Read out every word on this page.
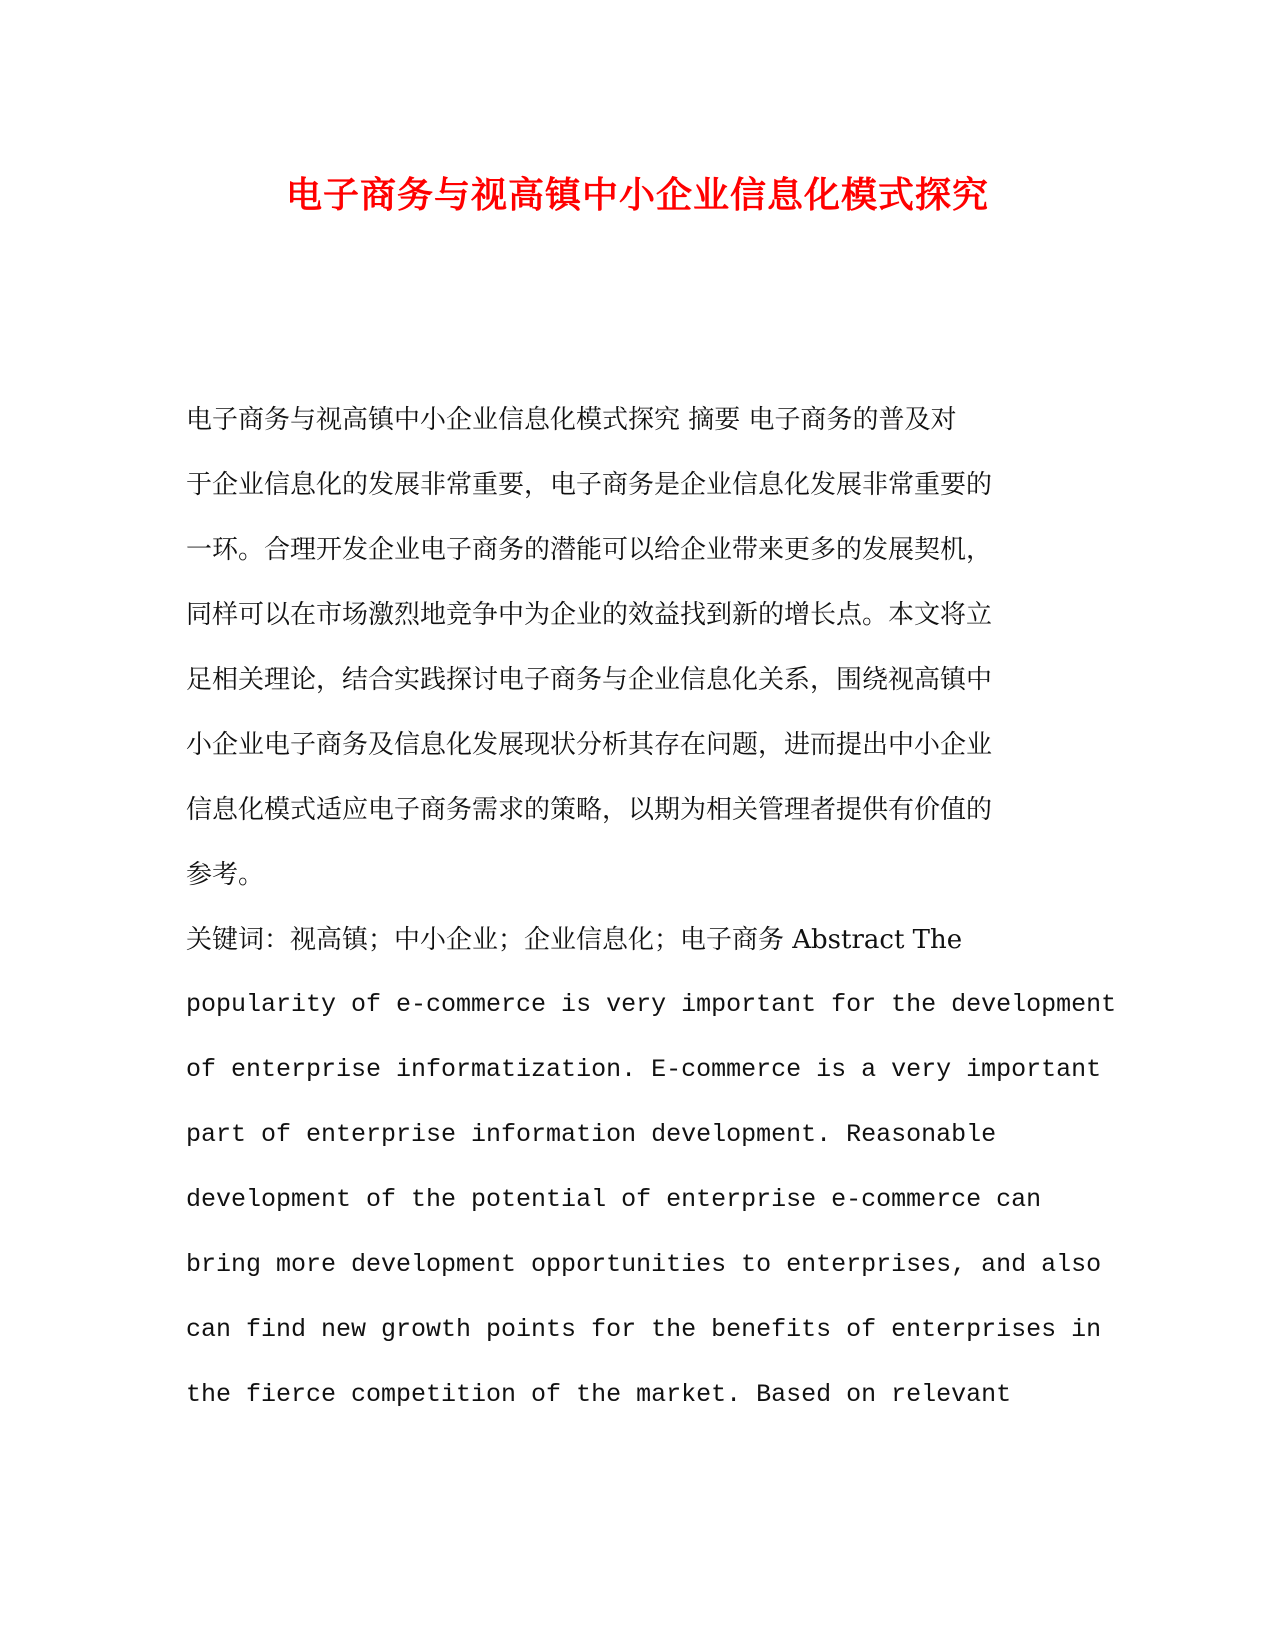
电子商务与视高镇中小企业信息化模式探究
电子商务与视高镇中小企业信息化模式探究 摘要 电子商务的普及对
于企业信息化的发展非常重要，电子商务是企业信息化发展非常重要的
一环。合理开发企业电子商务的潜能可以给企业带来更多的发展契机，
同样可以在市场激烈地竞争中为企业的效益找到新的增长点。本文将立
足相关理论，结合实践探讨电子商务与企业信息化关系，围绕视高镇中
小企业电子商务及信息化发展现状分析其存在问题，进而提出中小企业
信息化模式适应电子商务需求的策略，以期为相关管理者提供有价值的
参考。
关键词：视高镇；中小企业；企业信息化；电子商务 Abstract The
popularity of e-commerce is very important for the development
of enterprise informatization. E-commerce is a very important
part of enterprise information development. Reasonable
development of the potential of enterprise e-commerce can
bring more development opportunities to enterprises, and also
can find new growth points for the benefits of enterprises in
the fierce competition of the market. Based on relevant
